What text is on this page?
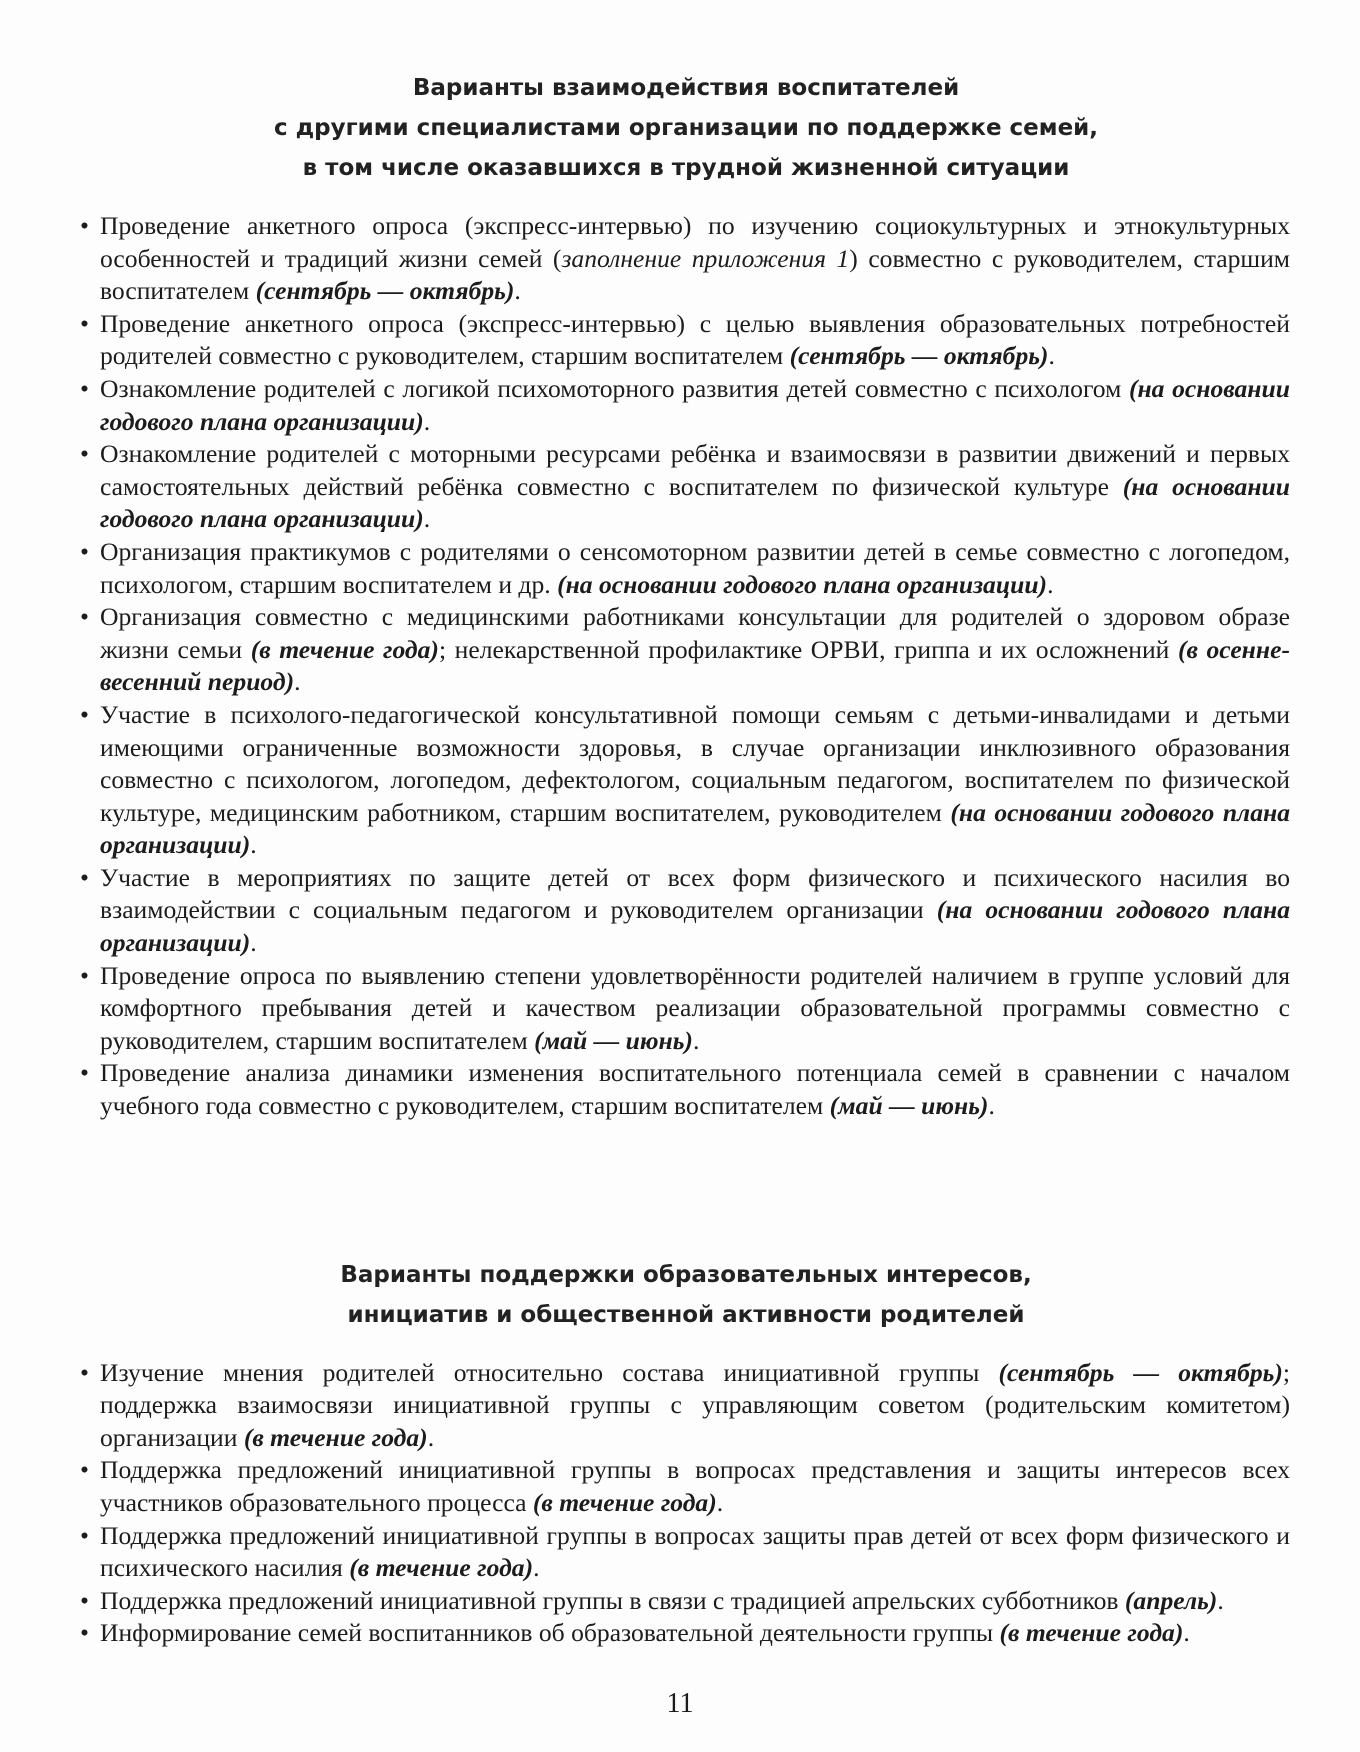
Варианты взаимодействия воспитателей
с другими специалистами организации по поддержке семей,
в том числе оказавшихся в трудной жизненной ситуации
• Проведение анкетного опроса (экспресс-интервью) по изучению социокультурных и этнокультурных особенностей и традиций жизни семей (заполнение приложения 1) совместно с руководителем, старшим воспитателем (сентябрь — октябрь).
• Проведение анкетного опроса (экспресс-интервью) с целью выявления образовательных потребностей родителей совместно с руководителем, старшим воспитателем (сентябрь — октябрь).
• Ознакомление родителей с логикой психомоторного развития детей совместно с психологом (на основании годового плана организации).
• Ознакомление родителей с моторными ресурсами ребёнка и взаимосвязи в развитии движений и первых самостоятельных действий ребёнка совместно с воспитателем по физической культуре (на основании годового плана организации).
• Организация практикумов с родителями о сенсомоторном развитии детей в семье совместно с логопедом, психологом, старшим воспитателем и др. (на основании годового плана организации).
• Организация совместно с медицинскими работниками консультации для родителей о здоровом образе жизни семьи (в течение года); нелекарственной профилактике ОРВИ, гриппа и их осложнений (в осенне-весенний период).
• Участие в психолого-педагогической консультативной помощи семьям с детьми-инвалидами и детьми имеющими ограниченные возможности здоровья, в случае организации инклюзивного образования совместно с психологом, логопедом, дефектологом, социальным педагогом, воспитателем по физической культуре, медицинским работником, старшим воспитателем, руководителем (на основании годового плана организации).
• Участие в мероприятиях по защите детей от всех форм физического и психического насилия во взаимодействии с социальным педагогом и руководителем организации (на основании годового плана организации).
• Проведение опроса по выявлению степени удовлетворённости родителей наличием в группе условий для комфортного пребывания детей и качеством реализации образовательной программы совместно с руководителем, старшим воспитателем (май — июнь).
• Проведение анализа динамики изменения воспитательного потенциала семей в сравнении с началом учебного года совместно с руководителем, старшим воспитателем (май — июнь).
Варианты поддержки образовательных интересов,
инициатив и общественной активности родителей
• Изучение мнения родителей относительно состава инициативной группы (сентябрь — октябрь); поддержка взаимосвязи инициативной группы с управляющим советом (родительским комитетом) организации (в течение года).
• Поддержка предложений инициативной группы в вопросах представления и защиты интересов всех участников образовательного процесса (в течение года).
• Поддержка предложений инициативной группы в вопросах защиты прав детей от всех форм физического и психического насилия (в течение года).
• Поддержка предложений инициативной группы в связи с традицией апрельских субботников (апрель).
• Информирование семей воспитанников об образовательной деятельности группы (в течение года).
11
